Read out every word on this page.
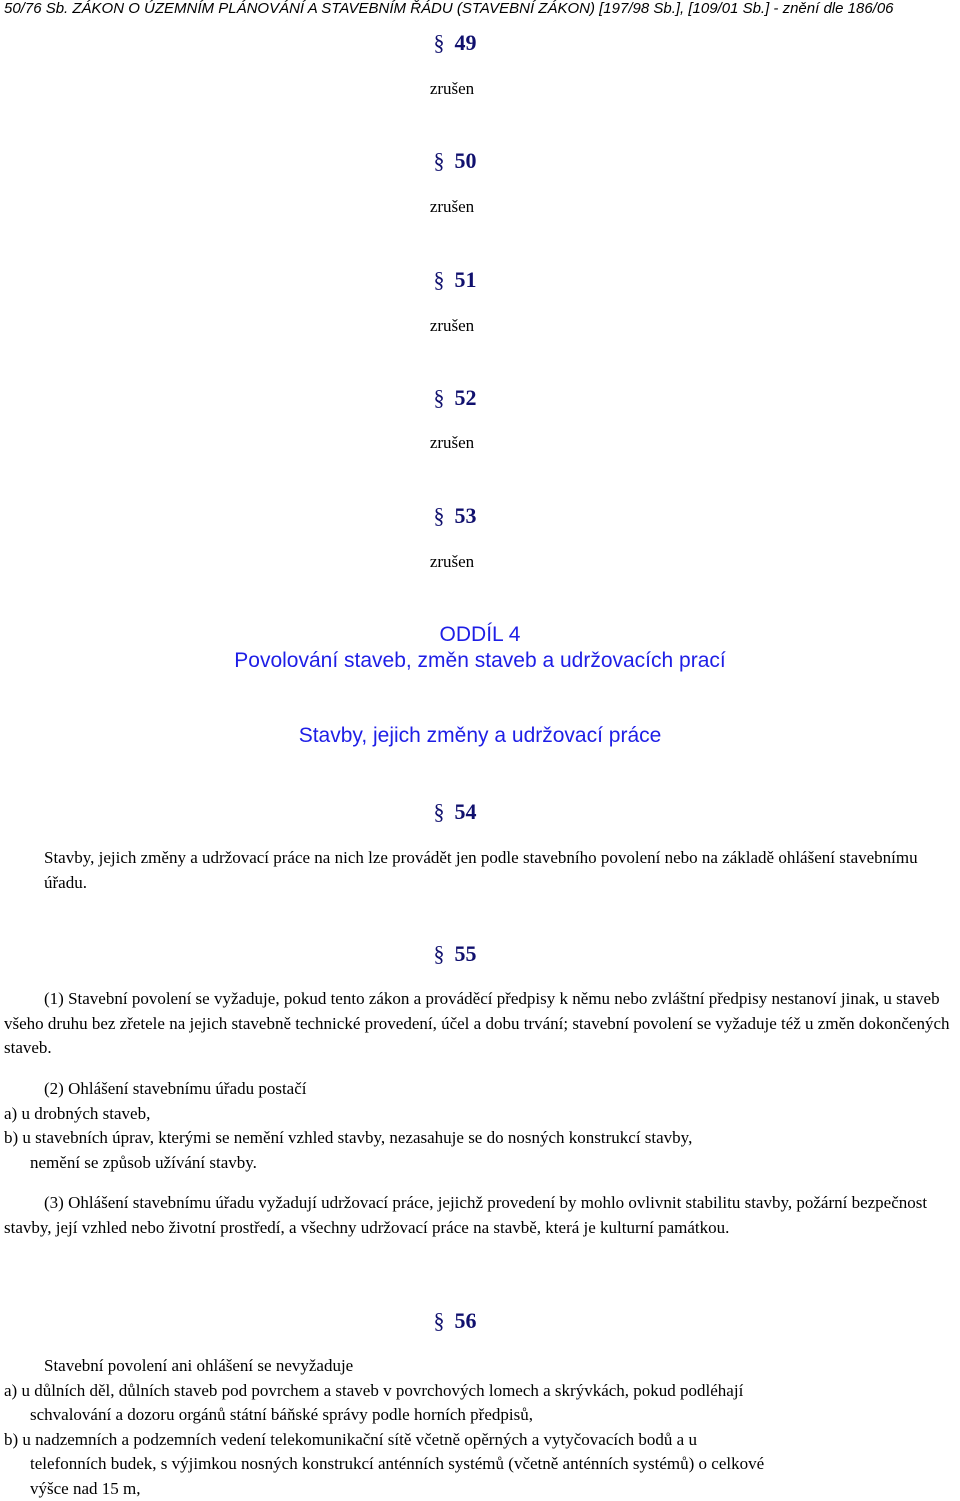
50/76 Sb. ZÁKON O ÚZEMNÍM PLÁNOVÁNÍ A STAVEBNÍM ŘÁDU (STAVEBNÍ ZÁKON) [197/98 Sb.], [109/01 Sb.] - znění dle 186/06
§ 49
zrušen
§ 50
zrušen
§ 51
zrušen
§ 52
zrušen
§ 53
zrušen
ODDÍL 4
Povolování staveb, změn staveb a udržovacích prací
Stavby, jejich změny a udržovací práce
§ 54
Stavby, jejich změny a udržovací práce na nich lze provádět jen podle stavebního povolení nebo na základě ohlášení stavebnímu úřadu.
§ 55
(1) Stavební povolení se vyžaduje, pokud tento zákon a prováděcí předpisy k němu nebo zvláštní předpisy nestanoví jinak, u staveb všeho druhu bez zřetele na jejich stavebně technické provedení, účel a dobu trvání; stavební povolení se vyžaduje též u změn dokončených staveb.
(2) Ohlášení stavebnímu úřadu postačí
a) u drobných staveb,
b) u stavebních úprav, kterými se nemění vzhled stavby, nezasahuje se do nosných konstrukcí stavby,
nemění se způsob užívání stavby.
(3) Ohlášení stavebnímu úřadu vyžadují udržovací práce, jejichž provedení by mohlo ovlivnit stabilitu stavby, požární bezpečnost stavby, její vzhled nebo životní prostředí, a všechny udržovací práce na stavbě, která je kulturní památkou.
§ 56
Stavební povolení ani ohlášení se nevyžaduje
a) u důlních děl, důlních staveb pod povrchem a staveb v povrchových lomech a skrývkách, pokud podléhají
schvalování a dozoru orgánů státní báňské správy podle horních předpisů,
b) u nadzemních a podzemních vedení telekomunikační sítě včetně opěrných a vytyčovacích bodů a u
telefonních budek, s výjimkou nosných konstrukcí anténních systémů (včetně anténních systémů) o celkové
výšce nad 15 m,
